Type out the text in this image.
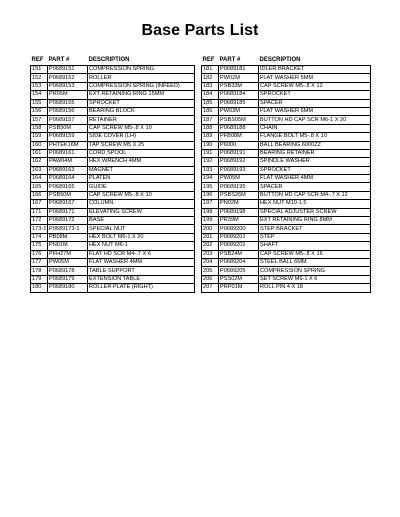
Base Parts List
REF	PART #	DESCRIPTION
151	P0689151	COMPRESSION SPRING
152	P0689152	ROLLER
153	P0689153	COMPRESSION SPRING (INFEED)
154	PR05M	EXT RETAINING RING 15MM
155	P0689155	SPROCKET
156	P0689156	BEARING BLOCK
157	P0689157	RETAINER
158	PSB50M	CAP SCREW M5-.8 X 10
159	P0689159	SIDE COVER (LH)
160	PHTEK16M	TAP SCREW M5 X 25
161	P0689161	CORD SPOOL
162	PAW04M	HEX WRENCH 4MM
163	P0689163	MAGNET
164	P0689164	PLATEN
165	P0689165	GUIDE
166	PSB50M	CAP SCREW M5-.8 X 10
167	P0689167	COLUMN
171	P0689171	ELEVATING SCREW
172	P0689172	BASE
173-1	P0689173-1	SPECIAL NUT
174	PB08M	HEX BOLT M6-1 X 20
175	PN01M	HEX NUT M6-1
176	PFH27M	FLAT HD SCR M4-.7 X 6
177	PW05M	FLAT WASHER 4MM
178	P0689178	TABLE SUPPORT
179	P0689179	EXTENSION TABLE
180	P0689180	ROLLER PLATE (RIGHT)
REF	PART #	DESCRIPTION
181	P0689181	IDLER BRACKET
182	PW02M	FLAT WASHER 5MM
183	PSB33M	CAP SCREW M5-.8 X 12
184	P0689184	SPROCKET
185	P0689185	SPACER
186	PW03M	FLAT WASHER 6MM
187	PSBS05M	BUTTON HD CAP SCR M6-1 X 20
188	P0689188	CHAIN
189	PFB08M	FLANGE BOLT M5-.8 X 10
190	P6000	BALL BEARING 6000ZZ
191	P0689191	BEARING RETAINER
192	P0689192	SPINDLE WASHER
193	P0689193	SPROCKET
194	PW05M	FLAT WASHER 4MM
195	P0689195	SPACER
196	PSBS26M	BUTTON HD CAP SCR M4-.7 X 12
197	PN02M	HEX NUT M10-1.5
198	P0689198	SPECIAL ADJUSTER SCREW
199	PR39M	EXT RETAINING RING 8MM
200	P0689200	STEP BRACKET
201	P0689201	STEP
202	P0689202	SHAFT
203	PSB24M	CAP SCREW M5-.8 X 16
204	P0689204	STEEL BALL 6MM
205	P0689205	COMPRESSION SPRING
206	PSS02M	SET SCREW M6-1 X 6
207	PRP01M	ROLL PIN 4 X 18
